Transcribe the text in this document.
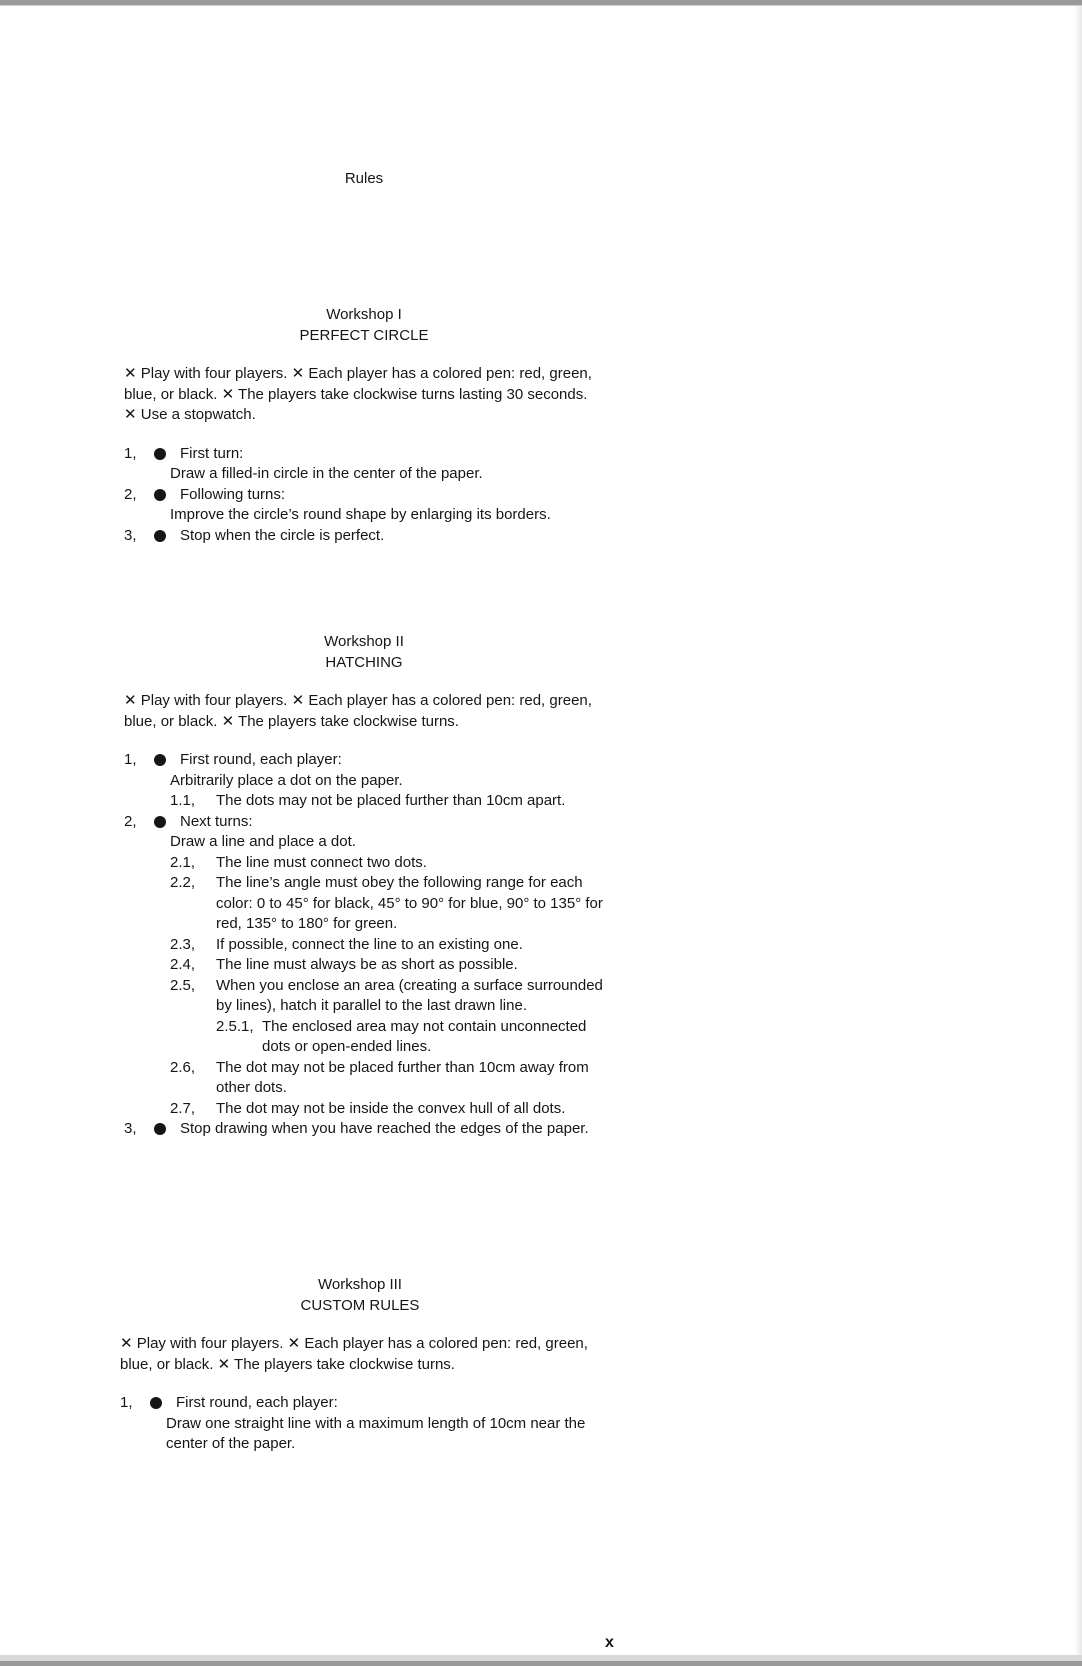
Rules
Workshop I
PERFECT CIRCLE

✕ Play with four players. ✕ Each player has a colored pen: red, green, blue, or black. ✕ The players take clockwise turns lasting 30 seconds. ✕ Use a stopwatch.

1,	First turn:
Draw a filled-in circle in the center of the paper.
2,	Following turns:
Improve the circle’s round shape by enlarging its borders.
3,	Stop when the circle is perfect.
Workshop II
HATCHING

✕ Play with four players. ✕ Each player has a colored pen: red, green, blue, or black. ✕ The players take clockwise turns.

1,	First round, each player:
Arbitrarily place a dot on the paper.
1.1,	The dots may not be placed further than 10cm apart.
2,	Next turns:
Draw a line and place a dot.
2.1,	The line must connect two dots.
2.2,	The line’s angle must obey the following range for each color: 0 to 45° for black, 45° to 90° for blue, 90° to 135° for red, 135° to 180° for green.
2.3,	If possible, connect the line to an existing one.
2.4,	The line must always be as short as possible.
2.5,	When you enclose an area (creating a surface surrounded by lines), hatch it parallel to the last drawn line.
2.5.1, The enclosed area may not contain unconnected dots or open-ended lines.
2.6,	The dot may not be placed further than 10cm away from other dots.
2.7,	The dot may not be inside the convex hull of all dots.
3,	Stop drawing when you have reached the edges of the paper.
Workshop III
CUSTOM RULES

✕ Play with four players. ✕ Each player has a colored pen: red, green, blue, or black. ✕ The players take clockwise turns.

1,	First round, each player:
Draw one straight line with a maximum length of 10cm near the center of the paper.

x
